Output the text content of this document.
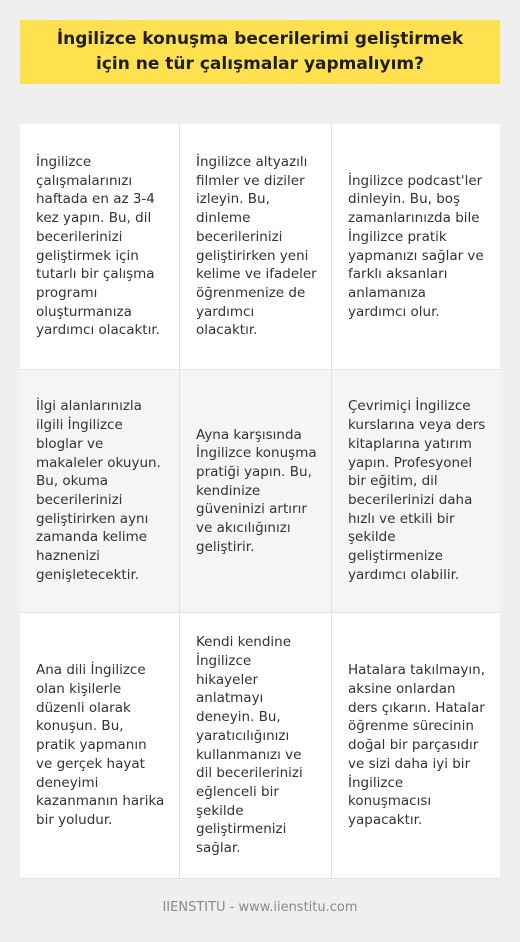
İngilizce konuşma becerilerimi geliştirmek için ne tür çalışmalar yapmalıyım?

İngilizce çalışmalarınızı haftada en az 3-4 kez yapın. Bu, dil becerilerinizi geliştirmek için tutarlı bir çalışma programı oluşturmanıza yardımcı olacaktır.

İngilizce altyazılı filmler ve diziler izleyin. Bu, dinleme becerilerinizi geliştirirken yeni kelime ve ifadeler öğrenmenize de yardımcı olacaktır.

İngilizce podcast'ler dinleyin. Bu, boş zamanlarınızda bile İngilizce pratik yapmanızı sağlar ve farklı aksanları anlamanıza yardımcı olur.

İlgi alanlarınızla ilgili İngilizce bloglar ve makaleler okuyun. Bu, okuma becerilerinizi geliştirirken aynı zamanda kelime haznenizi genişletecektir.

Ayna karşısında İngilizce konuşma pratiği yapın. Bu, kendinize güveninizi artırır ve akıcılığınızı geliştirir.

Çevrimiçi İngilizce kurslarına veya ders kitaplarına yatırım yapın. Profesyonel bir eğitim, dil becerilerinizi daha hızlı ve etkili bir şekilde geliştirmenize yardımcı olabilir.

Ana dili İngilizce olan kişilerle düzenli olarak konuşun. Bu, pratik yapmanın ve gerçek hayat deneyimi kazanmanın harika bir yoludur.

Kendi kendine İngilizce hikayeler anlatmayı deneyin. Bu, yaratıcılığınızı kullanmanızı ve dil becerilerinizi eğlenceli bir şekilde geliştirmenizi sağlar.

Hatalara takılmayın, aksine onlardan ders çıkarın. Hatalar öğrenme sürecinin doğal bir parçasıdır ve sizi daha iyi bir İngilizce konuşmacısı yapacaktır.

IIENSTITU - www.iienstitu.com
